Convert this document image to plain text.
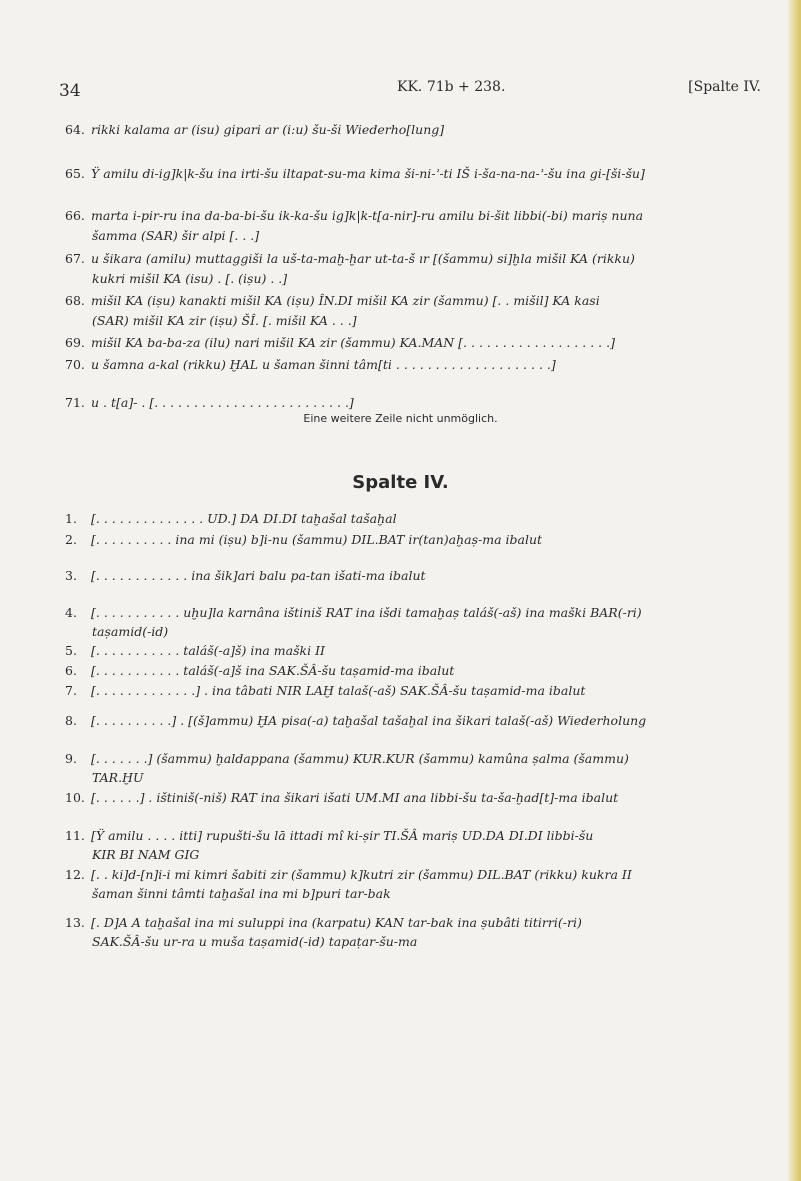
34	KK. 71b + 238.	[Spalte IV.
64. rikki kalama ar (isu) gipari ar (i:u) šu-ši Wiederho[lung]
65. Ÿ amilu di-ig]k|k-šu ina irti-šu iltapat-su-ma kima ši-ni-ʾ-ti IŠ i-ša-na-na-ʾ-šu ina gi-[ši-šu]
66. marta i-pir-ru ina da-ba-bi-šu ik-ka-šu ig]k|k-t[a-nir]-ru amilu bi-šit libbi(-bi) mariṣ nuna
šamma (SAR) šir alpi [. . .]
67. u šikara (amilu) muttaggiši la uš-ta-maḫ-ḫar ut-ta-š ır [(šammu) si]ḫla mišil KA (rikku)
kukri mišil KA (isu) . [. (iṣu) . .]
68. mišil KA (iṣu) kanakti mišil KA (iṣu) ÎN.DI mišil KA zir (šammu) [. . mišil] KA kasi
(SAR) mišil KA zir (iṣu) ŠÎ. [. mišil KA . . .]
69. mišil KA ba-ba-za (ilu) nari mišil KA zir (šammu) KA.MAN [. . . . . . . . . . . . . . . . . . .]
70. u šamna a-kal (rikku) ḪAL u šaman šinni tâm[ti . . . . . . . . . . . . . . . . . . . .]
71. u . t[a]- . [. . . . . . . . . . . . . . . . . . . . . . . . .]
Eine weitere Zeile nicht unmöglich.
Spalte IV.
1. [. . . . . . . . . . . . . . UD.] DA DI.DI taḫašal tašaḫal
2. [. . . . . . . . . . ina mi (iṣu) b]i-nu (šammu) DIL.BAT ir(tan)aḫaṣ-ma ibalut
3. [. . . . . . . . . . . . ina šik]ari balu pa-tan išati-ma ibalut
4. [. . . . . . . . . . . uḫu]la karnâna ištiniš RAT ina išdi tamaḫaṣ taláš(-aš) ina maški BAR(-ri)
taṣamid(-id)
5. [. . . . . . . . . . . taláš(-a]š) ina maški II
6. [. . . . . . . . . . . taláš(-a]š ina SAK.ŠÂ-šu taṣamid-ma ibalut
7. [. . . . . . . . . . . . .] . ina tâbati NIR LAḪ talaš(-aš) SAK.ŠÂ-šu taṣamid-ma ibalut
8. [. . . . . . . . . .] . [(š]ammu) ḪA pisa(-a) taḫašal tašaḫal ina šikari talaš(-aš) Wiederholung
9. [. . . . . . .] (šammu) ḫaldappana (šammu) KUR.KUR (šammu) kamûna ṣalma (šammu)
TAR.ḪU
10. [. . . . . .] . ištiniš(-niš) RAT ina šikari išati UM.MI ana libbi-šu ta-ša-ḫad[t]-ma ibalut
11. [Ÿ amilu . . . . itti] rupušti-šu lā ittadi mî ki-ṣir TI.ŠÂ mariṣ UD.DA DI.DI libbi-šu
KIR BI NAM GIG
12. [. . ki]d-[n]i-i mi kimri šabiti zir (šammu) k]kutri zir (šammu) DIL.BAT (rikku) kukra II
šaman šinni tâmti taḫašal ina mi b]puri tar-bak
13. [. D]A A taḫašal ina mi suluppi ina (karpatu) KAN tar-bak ina ṣubâti titirri(-ri)
SAK.ŠÂ-šu ur-ra u muša taṣamid(-id) tapaṭar-šu-ma
